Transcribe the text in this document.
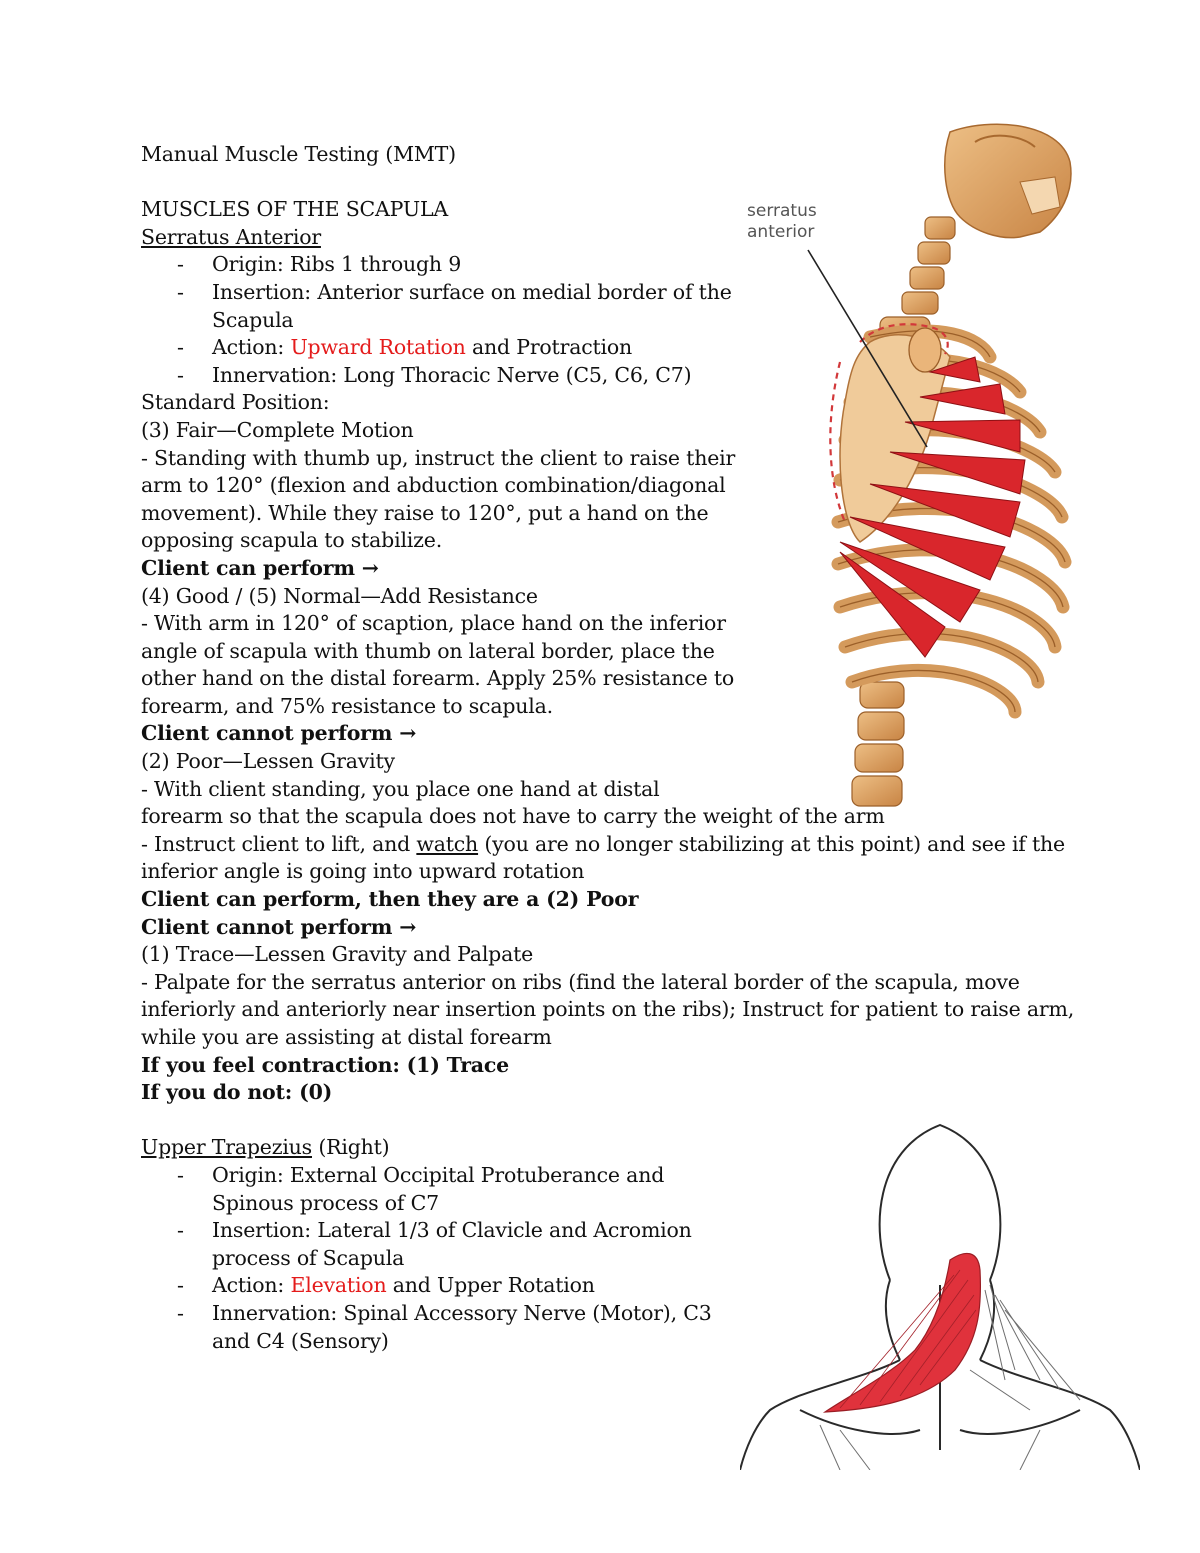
serratus
anterior
Manual Muscle Testing (MMT)
MUSCLES OF THE SCAPULA
Serratus Anterior
- Origin: Ribs 1 through 9
- Insertion: Anterior surface on medial border of the Scapula
- Action: Upward Rotation and Protraction
- Innervation: Long Thoracic Nerve (C5, C6, C7)
Standard Position:
(3) Fair—Complete Motion
- Standing with thumb up, instruct the client to raise their
arm to 120° (flexion and abduction combination/diagonal
movement). While they raise to 120°, put a hand on the
opposing scapula to stabilize.
Client can perform →
(4) Good / (5) Normal—Add Resistance
- With arm in 120° of scaption, place hand on the inferior
angle of scapula with thumb on lateral border, place the
other hand on the distal forearm. Apply 25% resistance to
forearm, and 75% resistance to scapula.
Client cannot perform →
(2) Poor—Lessen Gravity
- With client standing, you place one hand at distal
forearm so that the scapula does not have to carry the weight of the arm
- Instruct client to lift, and watch (you are no longer stabilizing at this point) and see if the
inferior angle is going into upward rotation
Client can perform, then they are a (2) Poor
Client cannot perform →
(1) Trace—Lessen Gravity and Palpate
- Palpate for the serratus anterior on ribs (find the lateral border of the scapula, move
inferiorly and anteriorly near insertion points on the ribs); Instruct for patient to raise arm,
while you are assisting at distal forearm
If you feel contraction: (1) Trace
If you do not: (0)
Upper Trapezius (Right)
- Origin: External Occipital Protuberance and Spinous process of C7
- Insertion: Lateral 1/3 of Clavicle and Acromion process of Scapula
- Action: Elevation and Upper Rotation
- Innervation: Spinal Accessory Nerve (Motor), C3 and C4 (Sensory)
